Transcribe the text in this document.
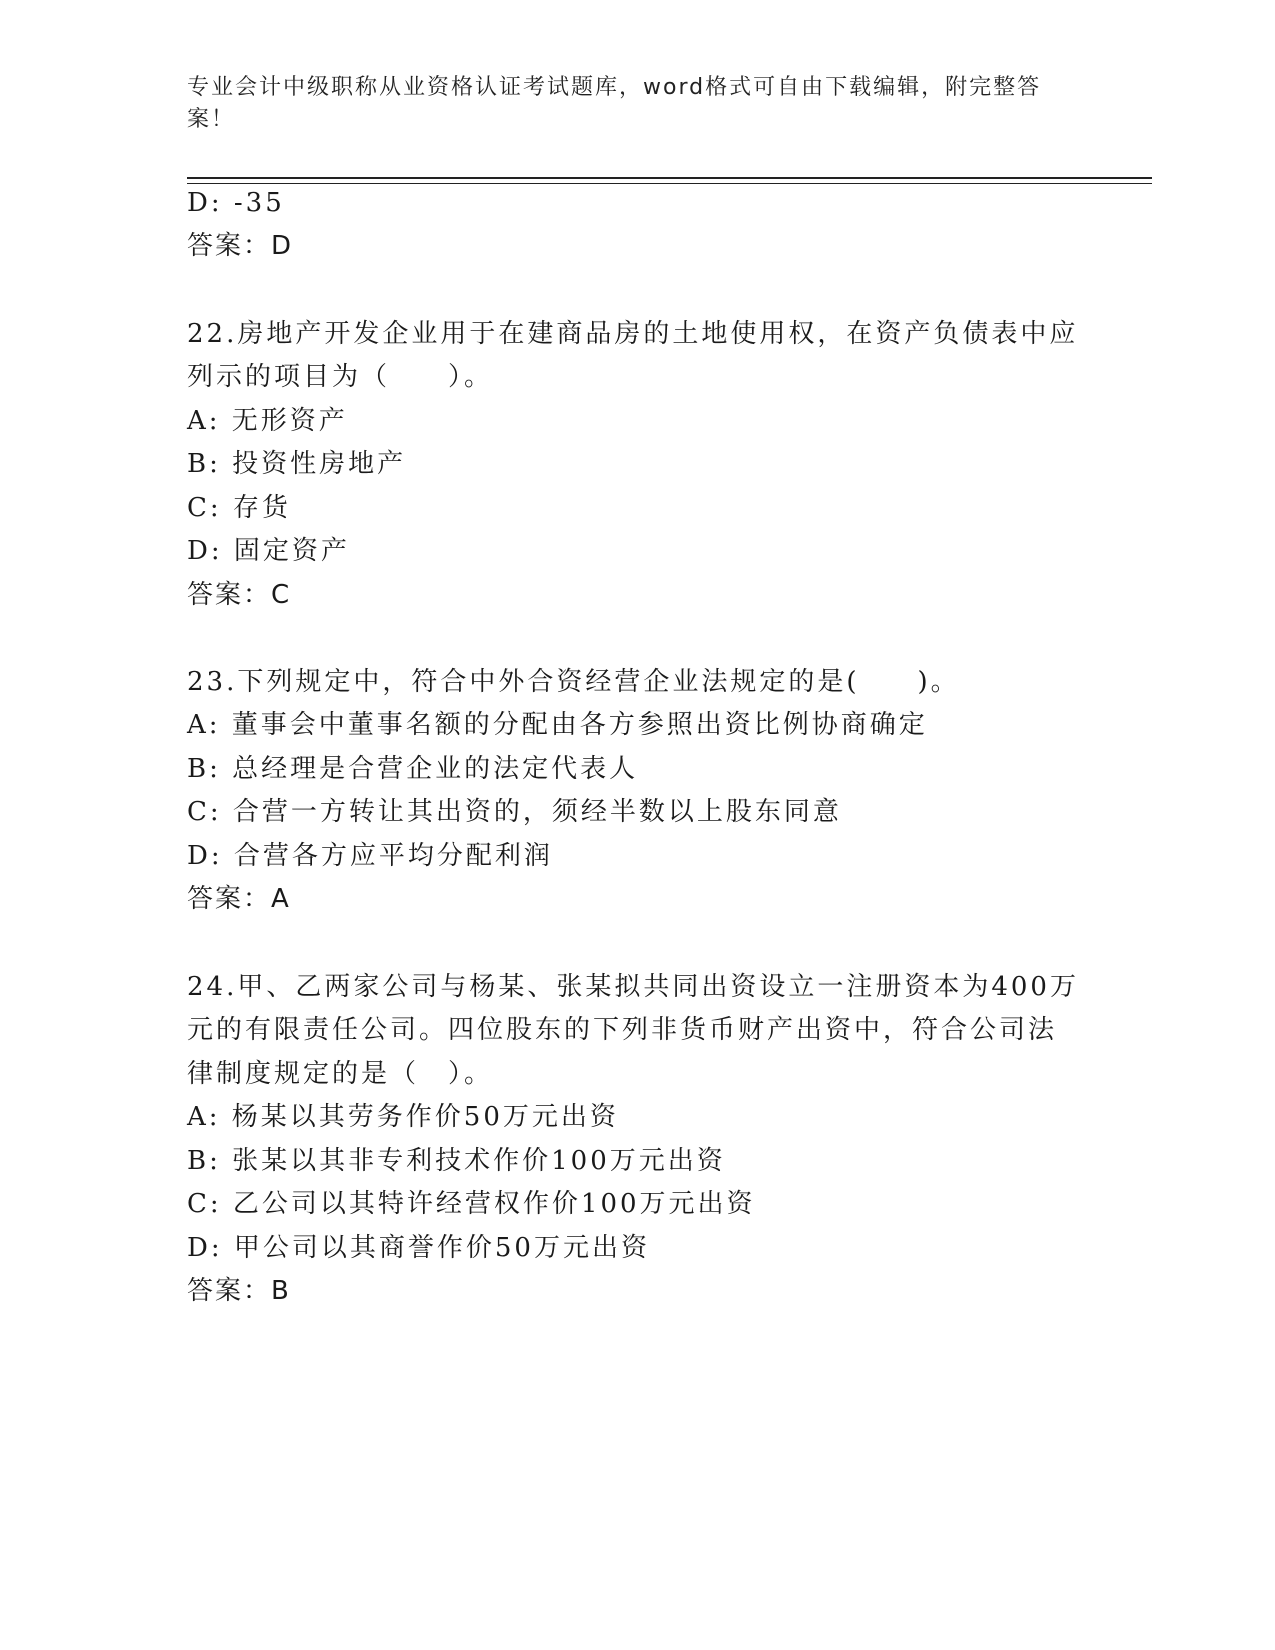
专业会计中级职称从业资格认证考试题库，word格式可自由下载编辑，附完整答
案！
D: -35
答案：D
22.房地产开发企业用于在建商品房的土地使用权，在资产负债表中应
列示的项目为（　　）。
A: 无形资产
B: 投资性房地产
C: 存货
D: 固定资产
答案：C
23.下列规定中，符合中外合资经营企业法规定的是(　　)。
A: 董事会中董事名额的分配由各方参照出资比例协商确定
B: 总经理是合营企业的法定代表人
C: 合营一方转让其出资的，须经半数以上股东同意
D: 合营各方应平均分配利润
答案：A
24.甲、乙两家公司与杨某、张某拟共同出资设立一注册资本为400万
元的有限责任公司。四位股东的下列非货币财产出资中，符合公司法
律制度规定的是（　）。
A: 杨某以其劳务作价50万元出资
B: 张某以其非专利技术作价100万元出资
C: 乙公司以其特许经营权作价100万元出资
D: 甲公司以其商誉作价50万元出资
答案：B
